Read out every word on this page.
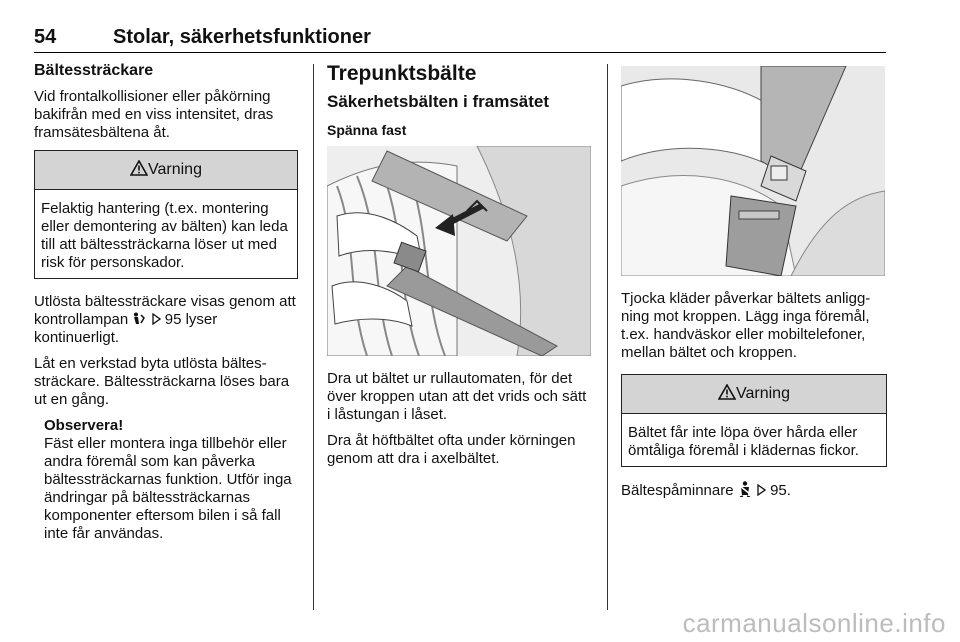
54	Stolar, säkerhetsfunktioner
Bältessträckare

Vid frontalkollisioner eller påkörning bakifrån med en viss intensitet, dras framsätesbältena åt.

Varning
Felaktig hantering (t.ex. montering eller demontering av bälten) kan leda till att bältessträckarna löser ut med risk för personskador.

Utlösta bältessträckare visas genom att kontrollampan 95 lyser kontinuerligt.

Låt en verkstad byta utlösta bältes-sträckare. Bältessträckarna löses bara ut en gång.

Observera!

Fäst eller montera inga tillbehör eller andra föremål som kan påverka bältessträckarnas funktion. Utför inga ändringar på bältessträckarnas komponenter eftersom bilen i så fall inte får användas.

Trepunktsbälte
Säkerhetsbälten i framsätet
Spänna fast

Dra ut bältet ur rullautomaten, för det över kroppen utan att det vrids och sätt i låstungan i låset.

Dra åt höftbältet ofta under körningen genom att dra i axelbältet.

Tjocka kläder påverkar bältets anligg-ning mot kroppen. Lägg inga föremål, t.ex. handväskor eller mobiltelefoner, mellan bältet och kroppen.

Varning
Bältet får inte löpa över hårda eller ömtåliga föremål i klädernas fickor.

Bältespåminnare 95.

carmanualsonline.info
